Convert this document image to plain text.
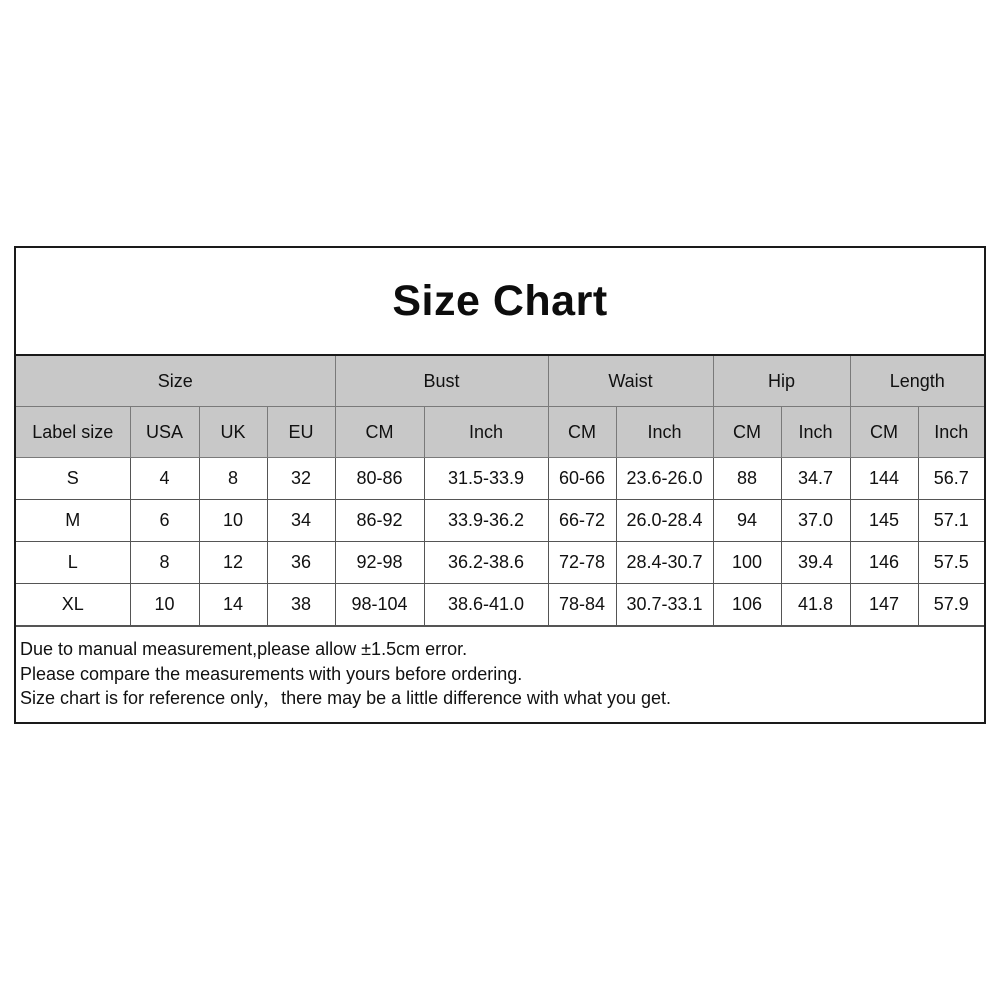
Size Chart
Size				Bust		Waist		Hip		Length	
Label size	USA	UK	EU	CM	Inch	CM	Inch	CM	Inch	CM	Inch
S	4	8	32	80-86	31.5-33.9	60-66	23.6-26.0	88	34.7	144	56.7
M	6	10	34	86-92	33.9-36.2	66-72	26.0-28.4	94	37.0	145	57.1
L	8	12	36	92-98	36.2-38.6	72-78	28.4-30.7	100	39.4	146	57.5
XL	10	14	38	98-104	38.6-41.0	78-84	30.7-33.1	106	41.8	147	57.9
Due to manual measurement,please allow ±1.5cm error.
Please compare the measurements with yours before ordering.
Size chart is for reference only，there may be a little difference with what you get.
